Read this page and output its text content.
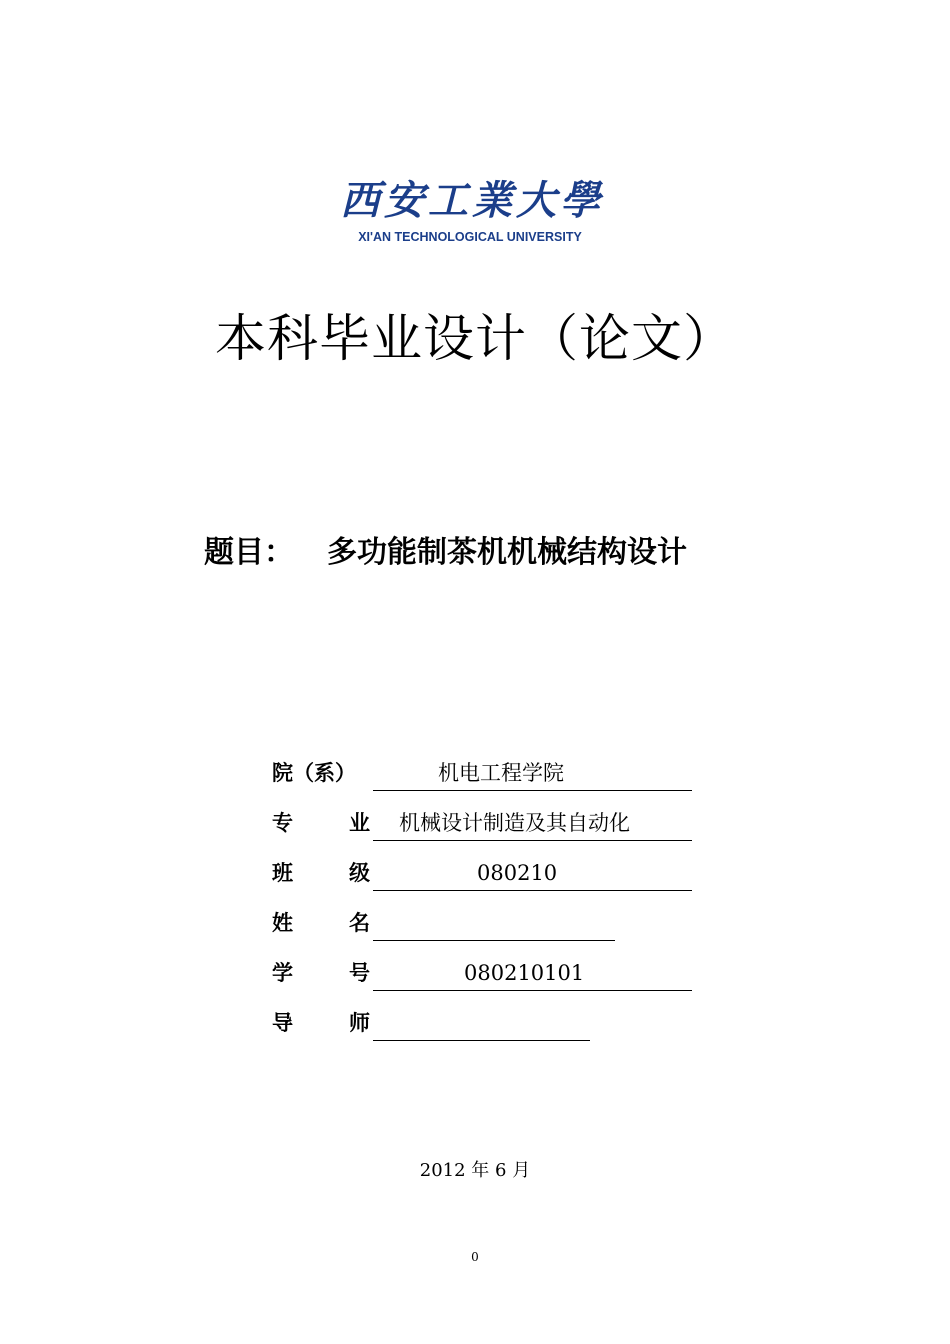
西安工業大學
XI'AN TECHNOLOGICAL UNIVERSITY
本科毕业设计（论文）
题目： 多功能制茶机机械结构设计
院（系）	机电工程学院
专	业	机械设计制造及其自动化
班	级	080210
姓	名
学	号	080210101
导	师
2012 年 6 月
0
